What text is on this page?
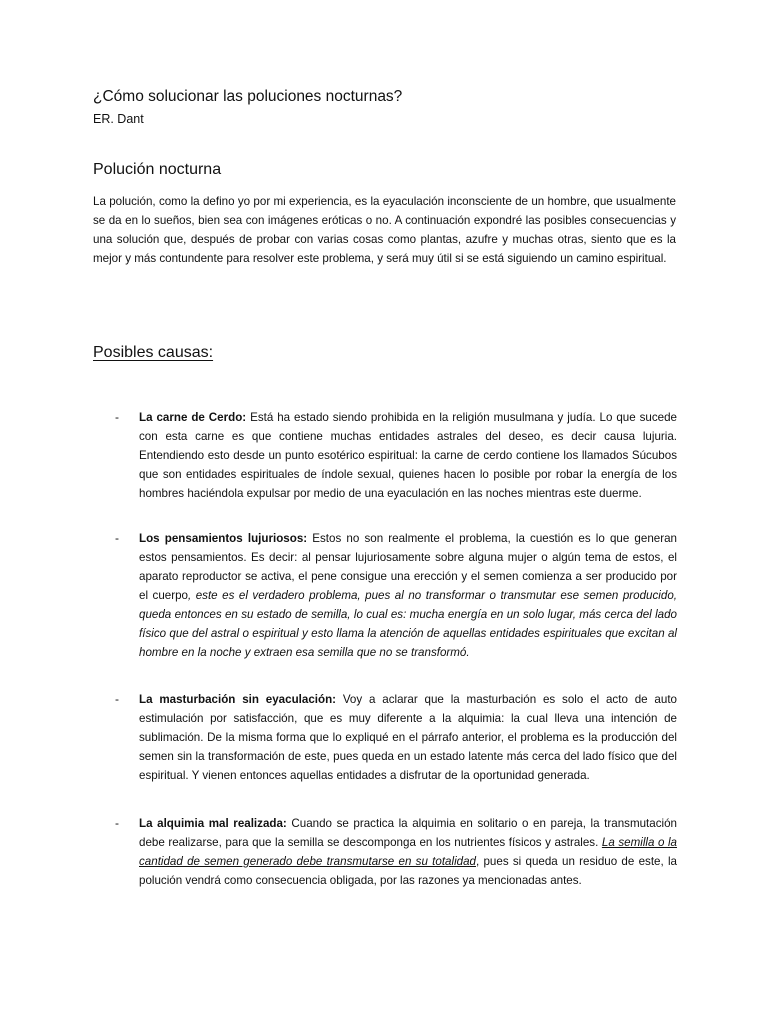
¿Cómo solucionar las poluciones nocturnas?
ER. Dant
Polución nocturna

La polución, como la defino yo por mi experiencia, es la eyaculación inconsciente de un hombre, que usualmente se da en lo sueños, bien sea con imágenes eróticas o no. A continuación expondré las posibles consecuencias y una solución que, después de probar con varias cosas como plantas, azufre y muchas otras, siento que es la mejor y más contundente para resolver este problema, y será muy útil si se está siguiendo un camino espiritual.

Posibles causas:
- La carne de Cerdo: Está ha estado siendo prohibida en la religión musulmana y judía. Lo que sucede con esta carne es que contiene muchas entidades astrales del deseo, es decir causa lujuria. Entendiendo esto desde un punto esotérico espiritual: la carne de cerdo contiene los llamados Súcubos que son entidades espirituales de índole sexual, quienes hacen lo posible por robar la energía de los hombres haciéndola expulsar por medio de una eyaculación en las noches mientras este duerme.
- Los pensamientos lujuriosos: Estos no son realmente el problema, la cuestión es lo que generan estos pensamientos. Es decir: al pensar lujuriosamente sobre alguna mujer o algún tema de estos, el aparato reproductor se activa, el pene consigue una erección y el semen comienza a ser producido por el cuerpo, este es el verdadero problema, pues al no transformar o transmutar ese semen producido, queda entonces en su estado de semilla, lo cual es: mucha energía en un solo lugar, más cerca del lado físico que del astral o espiritual y esto llama la atención de aquellas entidades espirituales que excitan al hombre en la noche y extraen esa semilla que no se transformó.
- La masturbación sin eyaculación: Voy a aclarar que la masturbación es solo el acto de auto estimulación por satisfacción, que es muy diferente a la alquimia: la cual lleva una intención de sublimación. De la misma forma que lo expliqué en el párrafo anterior, el problema es la producción del semen sin la transformación de este, pues queda en un estado latente más cerca del lado físico que del espiritual. Y vienen entonces aquellas entidades a disfrutar de la oportunidad generada.
- La alquimia mal realizada: Cuando se practica la alquimia en solitario o en pareja, la transmutación debe realizarse, para que la semilla se descomponga en los nutrientes físicos y astrales. La semilla o la cantidad de semen generado debe transmutarse en su totalidad, pues si queda un residuo de este, la polución vendrá como consecuencia obligada, por las razones ya mencionadas antes.
